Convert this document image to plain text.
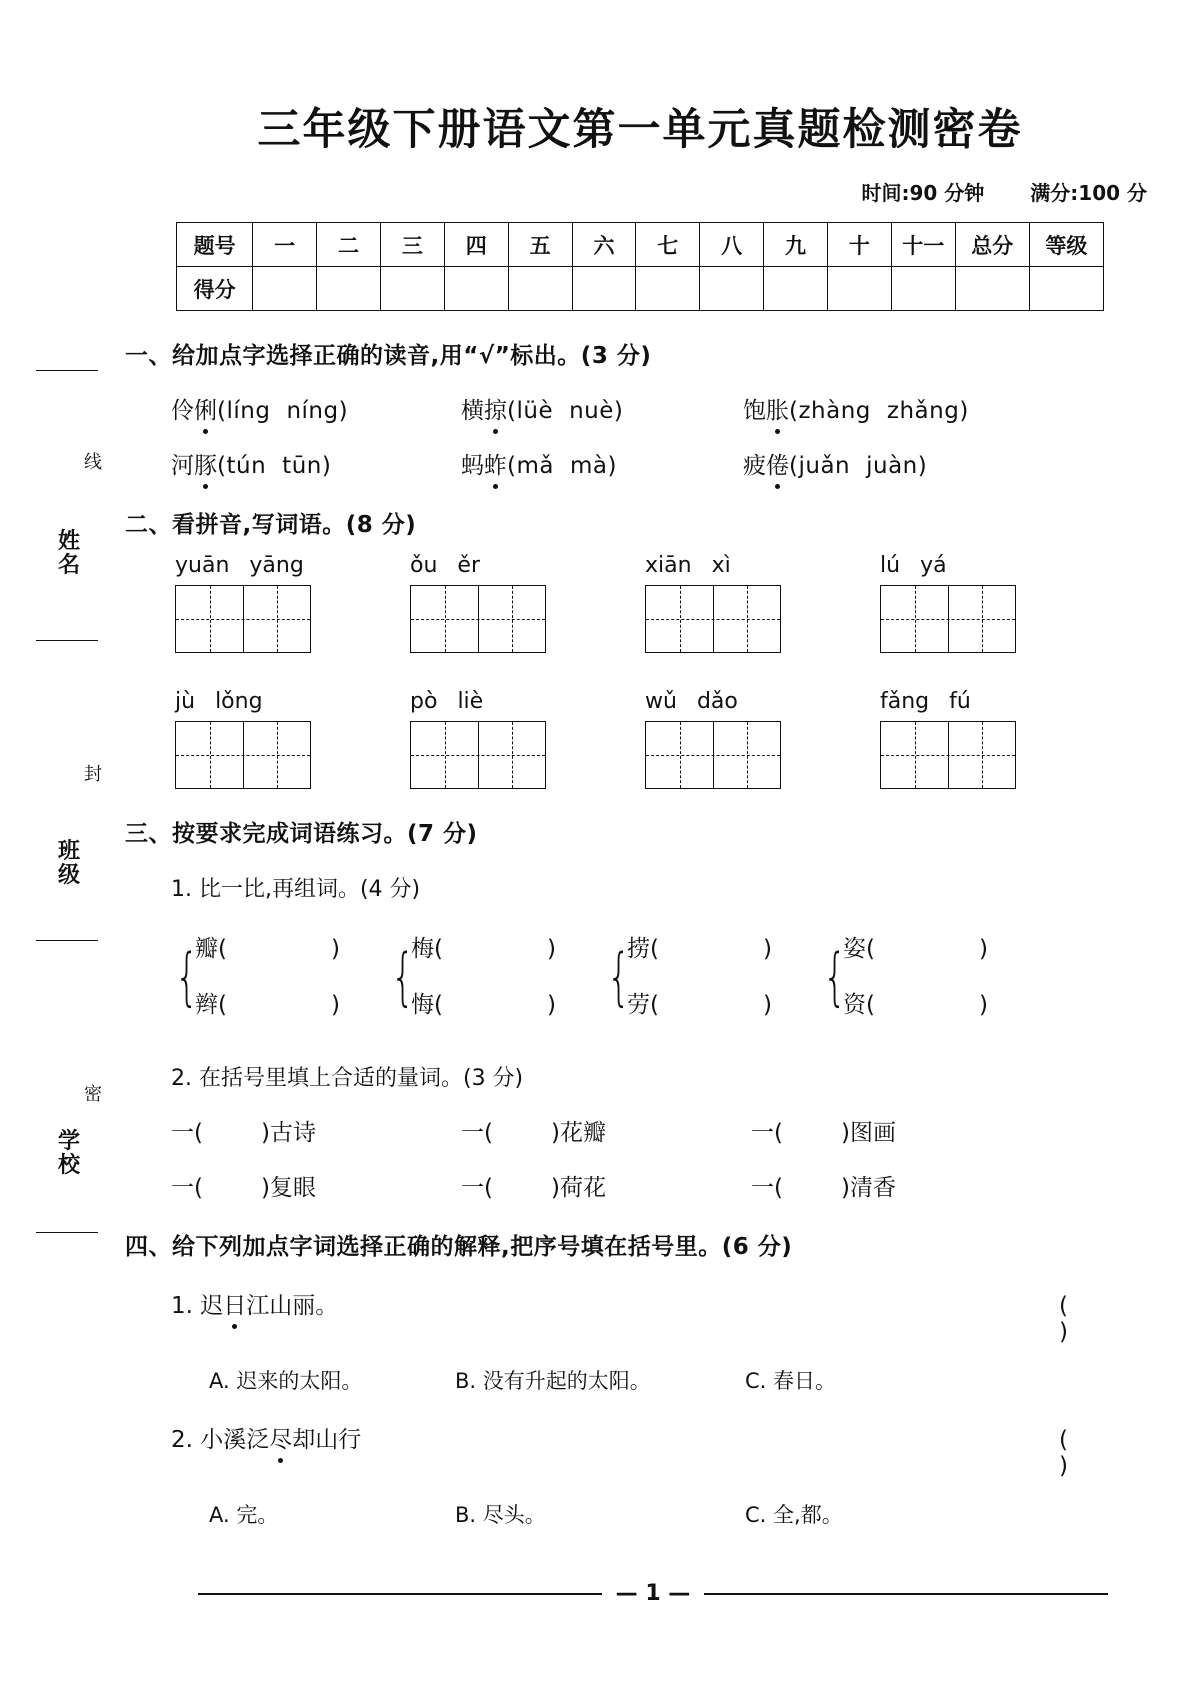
线
姓
名
封
班
级
密
学
校
三年级下册语文第一单元真题检测密卷
时间:90 分钟 满分:100 分
题号	一	二	三	四	五	六	七	八	九	十	十一	总分	等级
得分													
一、给加点字选择正确的读音,用“√”标出。(3 分)
伶俐(líng níng)	横掠(lüè nuè)	饱胀(zhàng zhǎng)
河豚(tún tūn)	蚂蚱(mǎ mà)	疲倦(juǎn juàn)
二、看拼音,写词语。(8 分)
yuān yāng	ǒu ěr	xiān xì	lú yá
jù lǒng	pò liè	wǔ dǎo	fǎng fú
三、按要求完成词语练习。(7 分)
1. 比一比,再组词。(4 分)
{
瓣(	)
辫(	) {
梅(	)
悔(	) {
捞(	)
劳(	) {
姿(	)
资(	)
2. 在括号里填上合适的量词。(3 分)
一(	)古诗	一(	)花瓣	一(	)图画
一(	)复眼	一(	)荷花	一(	)清香
四、给下列加点字词选择正确的解释,把序号填在括号里。(6 分)
1. 迟日江山丽。	( )
A. 迟来的太阳。	B. 没有升起的太阳。	C. 春日。
2. 小溪泛尽却山行	( )
A. 完。	B. 尽头。	C. 全,都。
— 1 —
